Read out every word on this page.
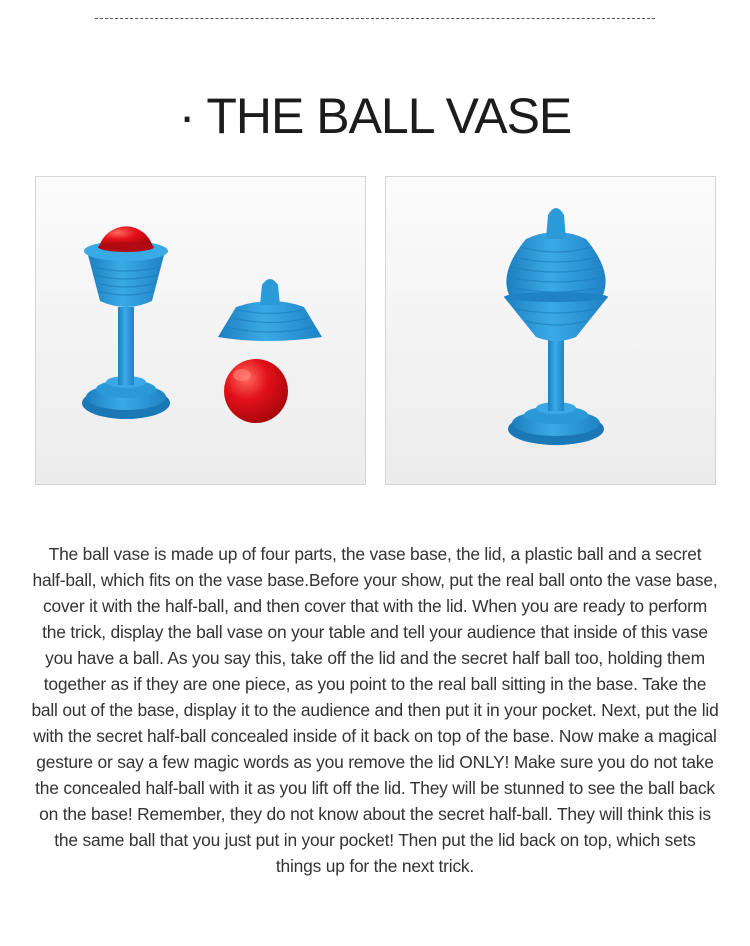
· THE BALL VASE
The ball vase is made up of four parts, the vase base, the lid, a plastic ball and a secret half-ball, which fits on the vase base.Before your show, put the real ball onto the vase base, cover it with the half-ball, and then cover that with the lid. When you are ready to perform the trick, display the ball vase on your table and tell your audience that inside of this vase you have a ball. As you say this, take off the lid and the secret half ball too, holding them together as if they are one piece, as you point to the real ball sitting in the base. Take the ball out of the base, display it to the audience and then put it in your pocket. Next, put the lid with the secret half-ball concealed inside of it back on top of the base. Now make a magical gesture or say a few magic words as you remove the lid ONLY! Make sure you do not take the concealed half-ball with it as you lift off the lid. They will be stunned to see the ball back on the base! Remember, they do not know about the secret half-ball. They will think this is the same ball that you just put in your pocket! Then put the lid back on top, which sets things up for the next trick.
